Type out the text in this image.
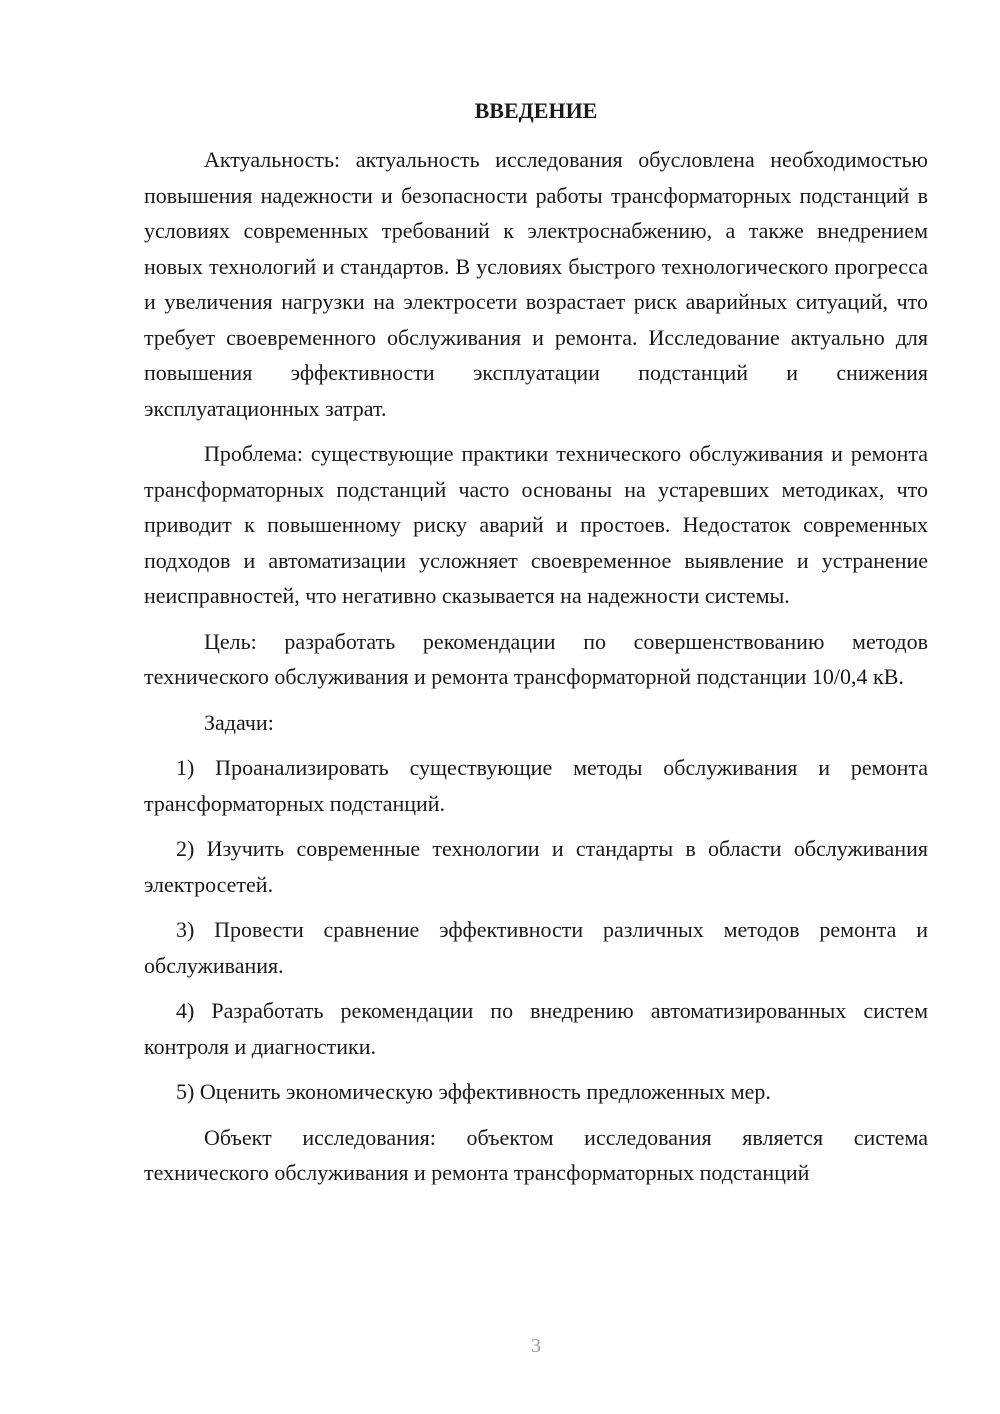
ВВЕДЕНИЕ

Актуальность: актуальность исследования обусловлена необходимостью повышения надежности и безопасности работы трансформаторных подстанций в условиях современных требований к электроснабжению, а также внедрением новых технологий и стандартов. В условиях быстрого технологического прогресса и увеличения нагрузки на электросети возрастает риск аварийных ситуаций, что требует своевременного обслуживания и ремонта. Исследование актуально для повышения эффективности эксплуатации подстанций и снижения эксплуатационных затрат.

Проблема: существующие практики технического обслуживания и ремонта трансформаторных подстанций часто основаны на устаревших методиках, что приводит к повышенному риску аварий и простоев. Недостаток современных подходов и автоматизации усложняет своевременное выявление и устранение неисправностей, что негативно сказывается на надежности системы.

Цель: разработать рекомендации по совершенствованию методов технического обслуживания и ремонта трансформаторной подстанции 10/0,4 кВ.

Задачи:

1) Проанализировать существующие методы обслуживания и ремонта трансформаторных подстанций.

2) Изучить современные технологии и стандарты в области обслуживания электросетей.

3) Провести сравнение эффективности различных методов ремонта и обслуживания.

4) Разработать рекомендации по внедрению автоматизированных систем контроля и диагностики.

5) Оценить экономическую эффективность предложенных мер.

Объект исследования: объектом исследования является система технического обслуживания и ремонта трансформаторных подстанций

3
